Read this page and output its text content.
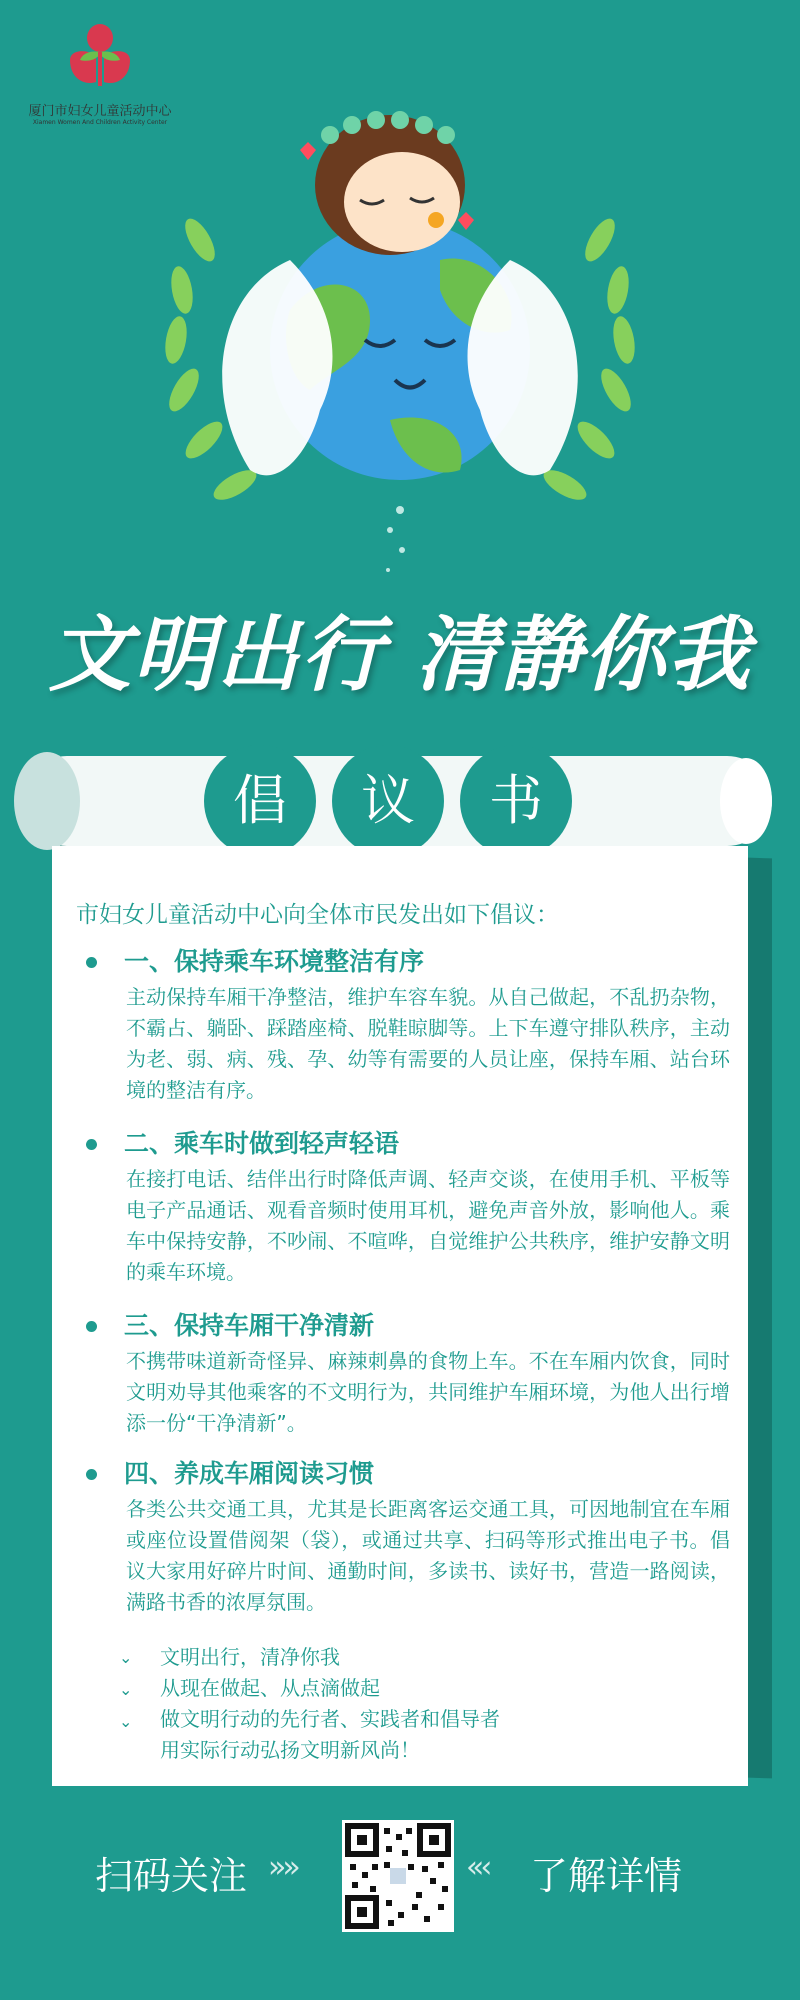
厦门市妇女儿童活动中心
Xiamen Women And Children Activity Center
文明出行 清静你我
倡	议	书
市妇女儿童活动中心向全体市民发出如下倡议：
一、保持乘车环境整洁有序
主动保持车厢干净整洁，维护车容车貌。从自己做起，不乱扔杂物，不霸占、躺卧、踩踏座椅、脱鞋晾脚等。上下车遵守排队秩序，主动为老、弱、病、残、孕、幼等有需要的人员让座，保持车厢、站台环境的整洁有序。
二、乘车时做到轻声轻语
在接打电话、结伴出行时降低声调、轻声交谈，在使用手机、平板等电子产品通话、观看音频时使用耳机，避免声音外放，影响他人。乘车中保持安静，不吵闹、不喧哗，自觉维护公共秩序，维护安静文明的乘车环境。
三、保持车厢干净清新
不携带味道新奇怪异、麻辣刺鼻的食物上车。不在车厢内饮食，同时文明劝导其他乘客的不文明行为，共同维护车厢环境，为他人出行增添一份“干净清新”。
四、养成车厢阅读习惯
各类公共交通工具，尤其是长距离客运交通工具，可因地制宜在车厢或座位设置借阅架（袋），或通过共享、扫码等形式推出电子书。倡议大家用好碎片时间、通勤时间，多读书、读好书，营造一路阅读，满路书香的浓厚氛围。
⌄
⌄
⌄
文明出行，清净你我
从现在做起、从点滴做起
做文明行动的先行者、实践者和倡导者
用实际行动弘扬文明新风尚！
扫码关注 »»	«‹ 了解详情
